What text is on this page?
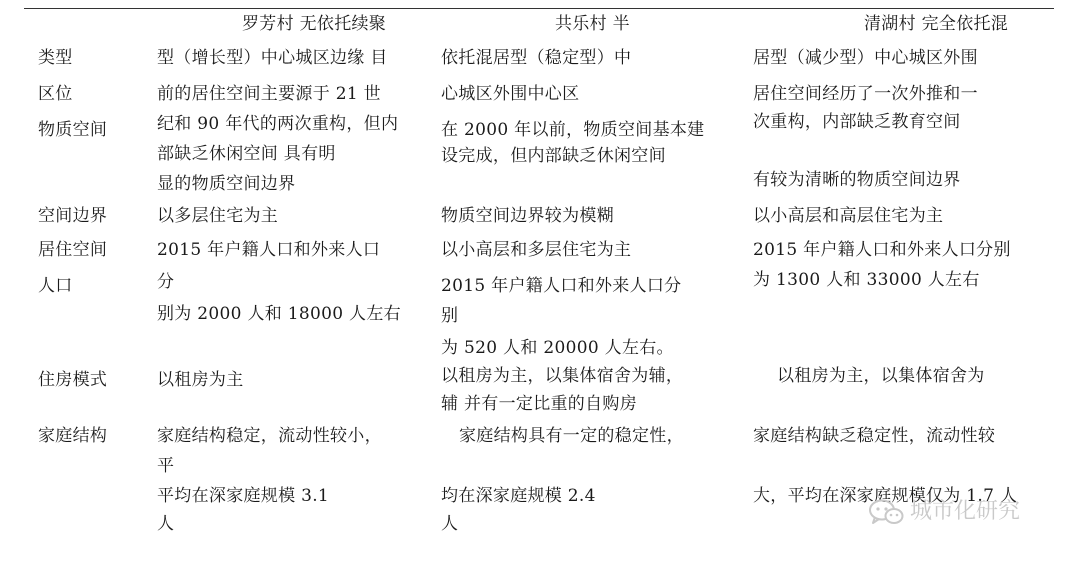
罗芳村 无依托续聚	共乐村 半	清湖村 完全依托混
类型
区位
物质空间
空间边界
居住空间
人口
住房模式
家庭结构
型（增长型）中心城区边缘 目
前的居住空间主要源于 21 世
纪和 90 年代的两次重构，但内
部缺乏休闲空间 具有明
显的物质空间边界
以多层住宅为主
2015 年户籍人口和外来人口
分
别为 2000 人和 18000 人左右
以租房为主
家庭结构稳定，流动性较小，
平
平均在深家庭规模 3.1
人
依托混居型（稳定型）中
心城区外围中心区
在 2000 年以前，物质空间基本建
设完成，但内部缺乏休闲空间
物质空间边界较为模糊
以小高层和多层住宅为主
2015 年户籍人口和外来人口分
别
为 520 人和 20000 人左右。
以租房为主，以集体宿舍为辅，
辅 并有一定比重的自购房
家庭结构具有一定的稳定性，
均在深家庭规模 2.4
人
居型（减少型）中心城区外围
居住空间经历了一次外推和一
次重构，内部缺乏教育空间
有较为清晰的物质空间边界
以小高层和高层住宅为主
2015 年户籍人口和外来人口分别
为 1300 人和 33000 人左右
以租房为主，以集体宿舍为
家庭结构缺乏稳定性，流动性较
大，平均在深家庭规模仅为 1.7 人
城市化研究
